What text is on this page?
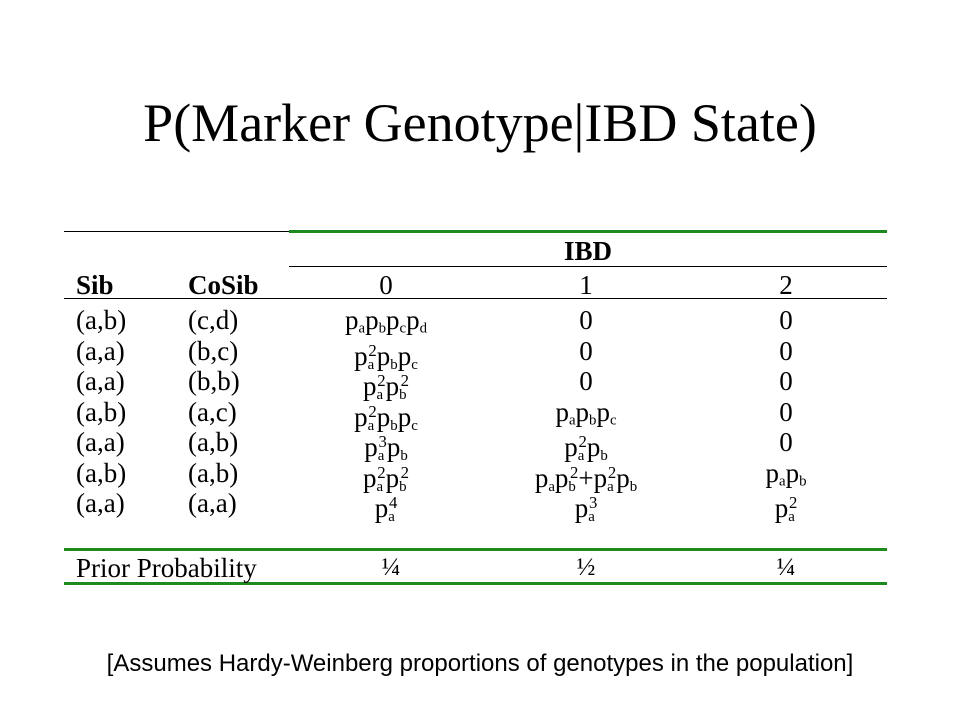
P(Marker Genotype|IBD State)
IBD
Sib	CoSib	0	1	2
(a,b) (c,d)	$p_ap_bp_cp_d$	0	0
(a,a) (b,c)	$p_a^2p_bp_c$	0	0
(a,a) (b,b)	$p_a^2p_b^2$	0	0
(a,b) (a,c)	$p_a^2p_bp_c$	$p_ap_bp_c$	0
(a,a) (a,b)	$p_a^3p_b$	$p_a^2p_b$	0
(a,b) (a,b)	$p_a^2p_b^2$	$p_ap_b^2+p_a^2p_b$	$p_ap_b$
(a,a) (a,a)	$p_a^4$	$p_a^3$	$p_a^2$
Prior Probability	¼	½	¼
[Assumes Hardy-Weinberg proportions of genotypes in the population]
